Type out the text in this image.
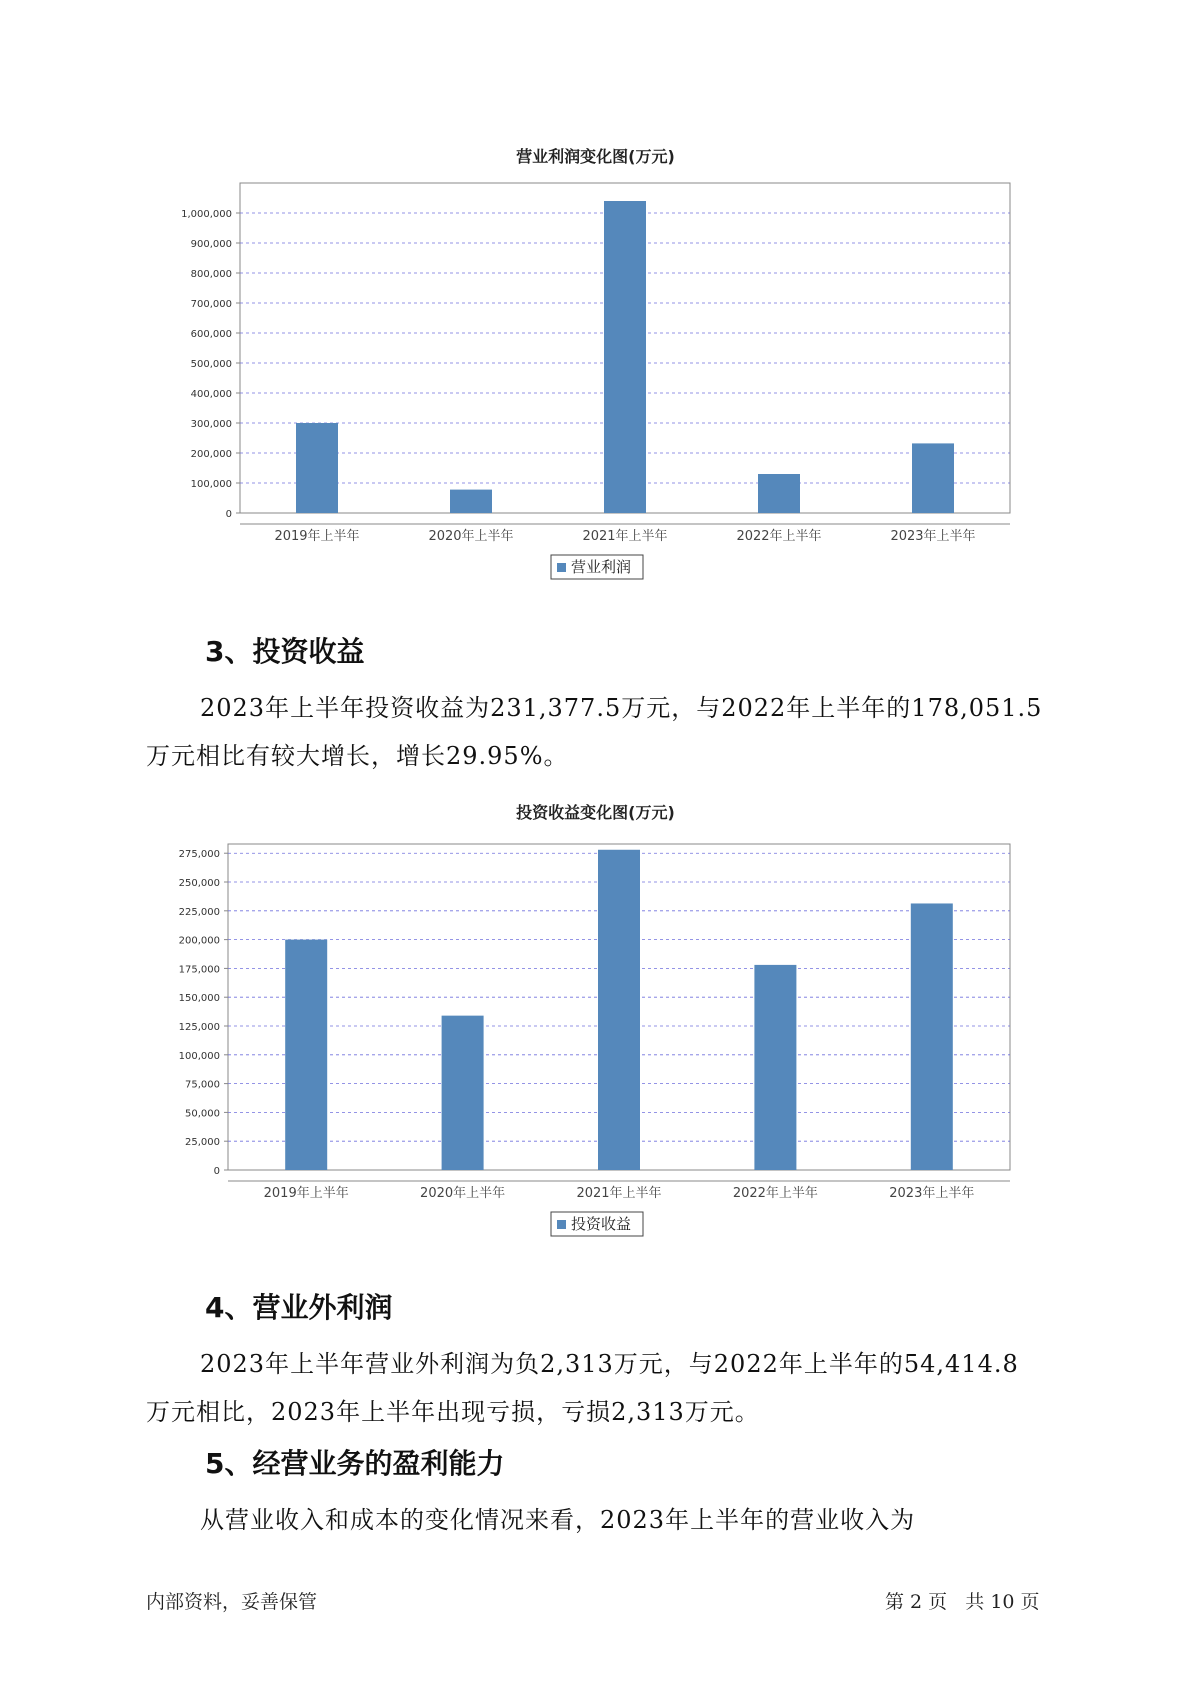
营业利润变化图(万元)
0
100,000
200,000
300,000
400,000
500,000
600,000
700,000
800,000
900,000
1,000,000
2019年上半年	2020年上半年	2021年上半年	2022年上半年	2023年上半年
营业利润
3、投资收益
2023年上半年投资收益为231,377.5万元，与2022年上半年的178,051.5
万元相比有较大增长，增长29.95%。
投资收益变化图(万元)
0
25,000
50,000
75,000
100,000
125,000
150,000
175,000
200,000
225,000
250,000
275,000
2019年上半年	2020年上半年	2021年上半年	2022年上半年	2023年上半年
投资收益
4、营业外利润
2023年上半年营业外利润为负2,313万元，与2022年上半年的54,414.8
万元相比，2023年上半年出现亏损，亏损2,313万元。
5、经营业务的盈利能力
从营业收入和成本的变化情况来看，2023年上半年的营业收入为
内部资料，妥善保管	第 2 页   共 10 页
